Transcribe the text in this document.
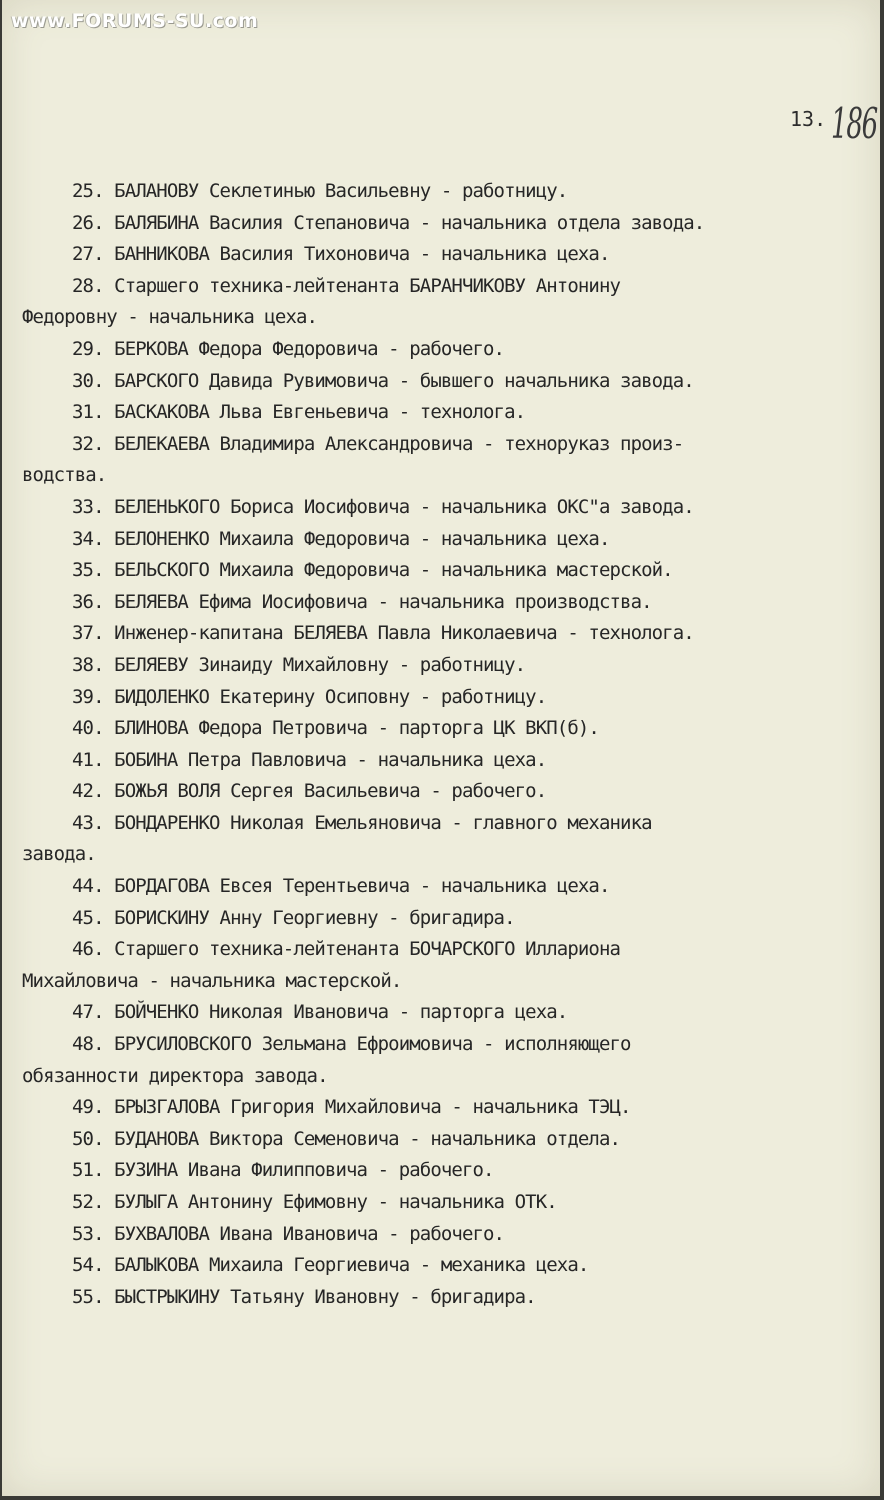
www.FORUMS-SU.com
13. 186
25. БАЛАНОВУ Секлетинью Васильевну - работницу.
26. БАЛЯБИНА Василия Степановича - начальника отдела завода.
27. БАННИКОВА Василия Тихоновича - начальника цеха.
28. Старшего техника-лейтенанта БАРАНЧИКОВУ Антонину
Федоровну - начальника цеха.
29. БЕРКОВА Федора Федоровича - рабочего.
30. БАРСКОГО Давида Рувимовича - бывшего начальника завода.
31. БАСКАКОВА Льва Евгеньевича - технолога.
32. БЕЛЕКАЕВА Владимира Александровича - техноруказ произ-
водства.
33. БЕЛЕНЬКОГО Бориса Иосифовича - начальника ОКС"а завода.
34. БЕЛОНЕНКО Михаила Федоровича - начальника цеха.
35. БЕЛЬСКОГО Михаила Федоровича - начальника мастерской.
36. БЕЛЯЕВА Ефима Иосифовича - начальника производства.
37. Инженер-капитана БЕЛЯЕВА Павла Николаевича - технолога.
38. БЕЛЯЕВУ Зинаиду Михайловну - работницу.
39. БИДОЛЕНКО Екатерину Осиповну - работницу.
40. БЛИНОВА Федора Петровича - парторга ЦК ВКП(б).
41. БОБИНА Петра Павловича - начальника цеха.
42. БОЖЬЯ ВОЛЯ Сергея Васильевича - рабочего.
43. БОНДАРЕНКО Николая Емельяновича - главного механика
завода.
44. БОРДАГОВА Евсея Терентьевича - начальника цеха.
45. БОРИСКИНУ Анну Георгиевну - бригадира.
46. Старшего техника-лейтенанта БОЧАРСКОГО Иллариона
Михайловича - начальника мастерской.
47. БОЙЧЕНКО Николая Ивановича - парторга цеха.
48. БРУСИЛОВСКОГО Зельмана Ефроимовича - исполняющего
обязанности директора завода.
49. БРЫЗГАЛОВА Григория Михайловича - начальника ТЭЦ.
50. БУДАНОВА Виктора Семеновича - начальника отдела.
51. БУЗИНА Ивана Филипповича - рабочего.
52. БУЛЫГА Антонину Ефимовну - начальника ОТК.
53. БУХВАЛОВА Ивана Ивановича - рабочего.
54. БАЛЫКОВА Михаила Георгиевича - механика цеха.
55. БЫСТРЫКИНУ Татьяну Ивановну - бригадира.
